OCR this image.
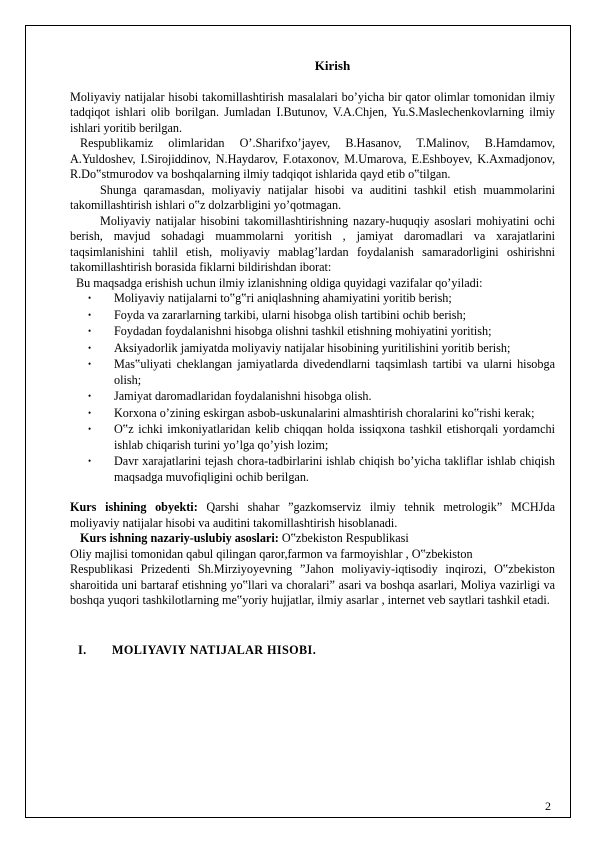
Kirish

Moliyaviy natijalar hisobi takomillashtirish masalalari bo’yicha bir qator olimlar tomonidan ilmiy tadqiqot ishlari olib borilgan. Jumladan I.Butunov, V.A.Chjen, Yu.S.Maslechenkovlarning ilmiy ishlari yoritib berilgan.

Respublikamiz olimlaridan O’.Sharifxo’jayev, B.Hasanov, T.Malinov, B.Hamdamov, A.Yuldoshev, I.Sirojiddinov, N.Haydarov, F.otaxonov, M.Umarova, E.Eshboyev, K.Axmadjonov, R.Do‟stmurodov va boshqalarning ilmiy tadqiqot ishlarida qayd etib o‟tilgan.

Shunga qaramasdan, moliyaviy natijalar hisobi va auditini tashkil etish muammolarini takomillashtirish ishlari o‟z dolzarbligini yo’qotmagan.

Moliyaviy natijalar hisobini takomillashtirishning nazary-huquqiy asoslari mohiyatini ochi berish, mavjud sohadagi muammolarni yoritish , jamiyat daromadlari va xarajatlarini taqsimlanishini tahlil etish, moliyaviy mablag’lardan foydalanish samaradorligini oshirishni takomillashtirish borasida fiklarni bildirishdan iborat:

Bu maqsadga erishish uchun ilmiy izlanishning oldiga quyidagi vazifalar qo’yiladi:

• Moliyaviy natijalarni to‟g‟ri aniqlashning ahamiyatini yoritib berish;
• Foyda va zararlarning tarkibi, ularni hisobga olish tartibini ochib berish;
• Foydadan foydalanishni hisobga olishni tashkil etishning mohiyatini yoritish;
• Aksiyadorlik jamiyatda moliyaviy natijalar hisobining yuritilishini yoritib berish;
• Mas‟uliyati cheklangan jamiyatlarda divedendlarni taqsimlash tartibi va ularni hisobga olish;
• Jamiyat daromadlaridan foydalanishni hisobga olish.
• Korxona o’zining eskirgan asbob-uskunalarini almashtirish choralarini ko‟rishi kerak;
• O‟z ichki imkoniyatlaridan kelib chiqqan holda issiqxona tashkil etishorqali yordamchi ishlab chiqarish turini yo’lga qo’yish lozim;
• Davr xarajatlarini tejash chora-tadbirlarini ishlab chiqish bo’yicha takliflar ishlab chiqish maqsadga muvofiqligini ochib berilgan.

Kurs ishining obyekti: Qarshi shahar ”gazkomserviz ilmiy tehnik metrologik” MCHJda moliyaviy natijalar hisobi va auditini takomillashtirish hisoblanadi.

Kurs ishning nazariy-uslubiy asoslari: O‟zbekiston Respublikasi

Oliy majlisi tomonidan qabul qilingan qaror,farmon va farmoyishlar , O‟zbekiston

Respublikasi Prizedenti Sh.Mirziyoyevning ”Jahon moliyaviy-iqtisodiy inqirozi, O‟zbekiston sharoitida uni bartaraf etishning yo‟llari va choralari” asari va boshqa asarlari, Moliya vazirligi va boshqa yuqori tashkilotlarning me‟yoriy hujjatlar, ilmiy asarlar , internet veb saytlari tashkil etadi.

I. MOLIYAVIY NATIJALAR HISOBI.
2
